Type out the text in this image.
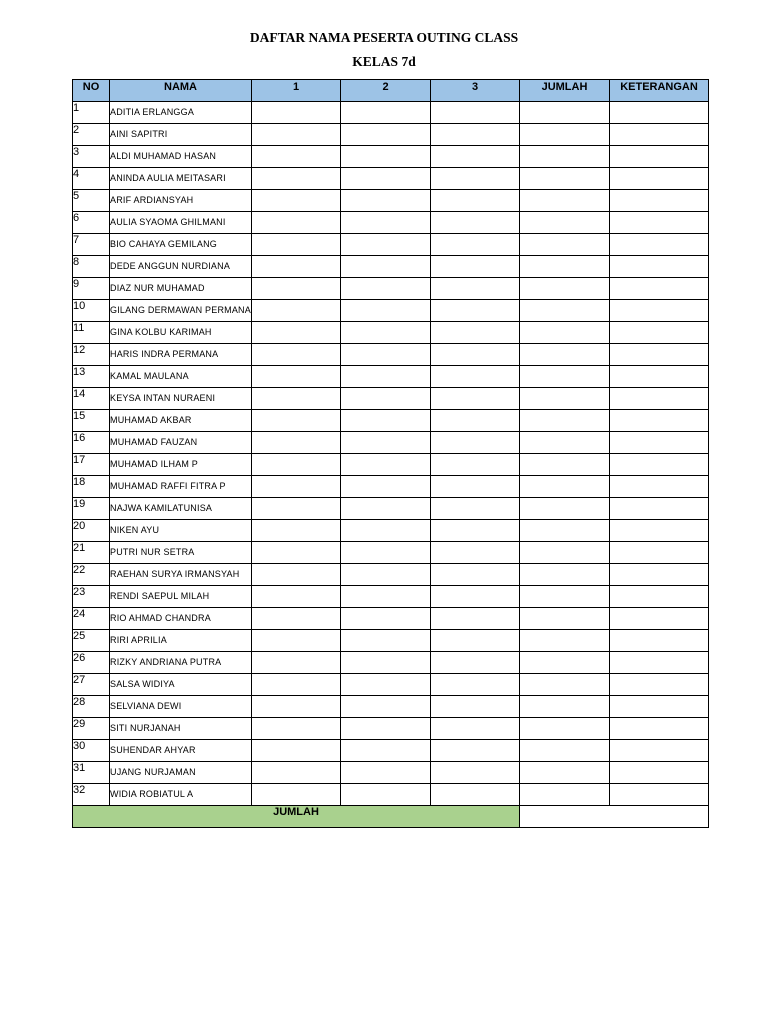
DAFTAR NAMA PESERTA OUTING CLASS
KELAS 7d
NO	NAMA	1	2	3	JUMLAH	KETERANGAN
1	ADITIA ERLANGGA					
2	AINI SAPITRI					
3	ALDI MUHAMAD HASAN					
4	ANINDA AULIA MEITASARI					
5	ARIF ARDIANSYAH					
6	AULIA SYAOMA GHILMANI					
7	BIO CAHAYA GEMILANG					
8	DEDE ANGGUN NURDIANA					
9	DIAZ NUR MUHAMAD					
10	GILANG DERMAWAN PERMANA					
11	GINA KOLBU KARIMAH					
12	HARIS INDRA PERMANA					
13	KAMAL MAULANA					
14	KEYSA INTAN NURAENI					
15	MUHAMAD AKBAR					
16	MUHAMAD FAUZAN					
17	MUHAMAD ILHAM P					
18	MUHAMAD RAFFI FITRA P					
19	NAJWA KAMILATUNISA					
20	NIKEN AYU					
21	PUTRI NUR SETRA					
22	RAEHAN SURYA IRMANSYAH					
23	RENDI SAEPUL MILAH					
24	RIO AHMAD CHANDRA					
25	RIRI APRILIA					
26	RIZKY ANDRIANA PUTRA					
27	SALSA WIDIYA					
28	SELVIANA DEWI					
29	SITI NURJANAH					
30	SUHENDAR AHYAR					
31	UJANG NURJAMAN					
32	WIDIA ROBIATUL A					
JUMLAH						
